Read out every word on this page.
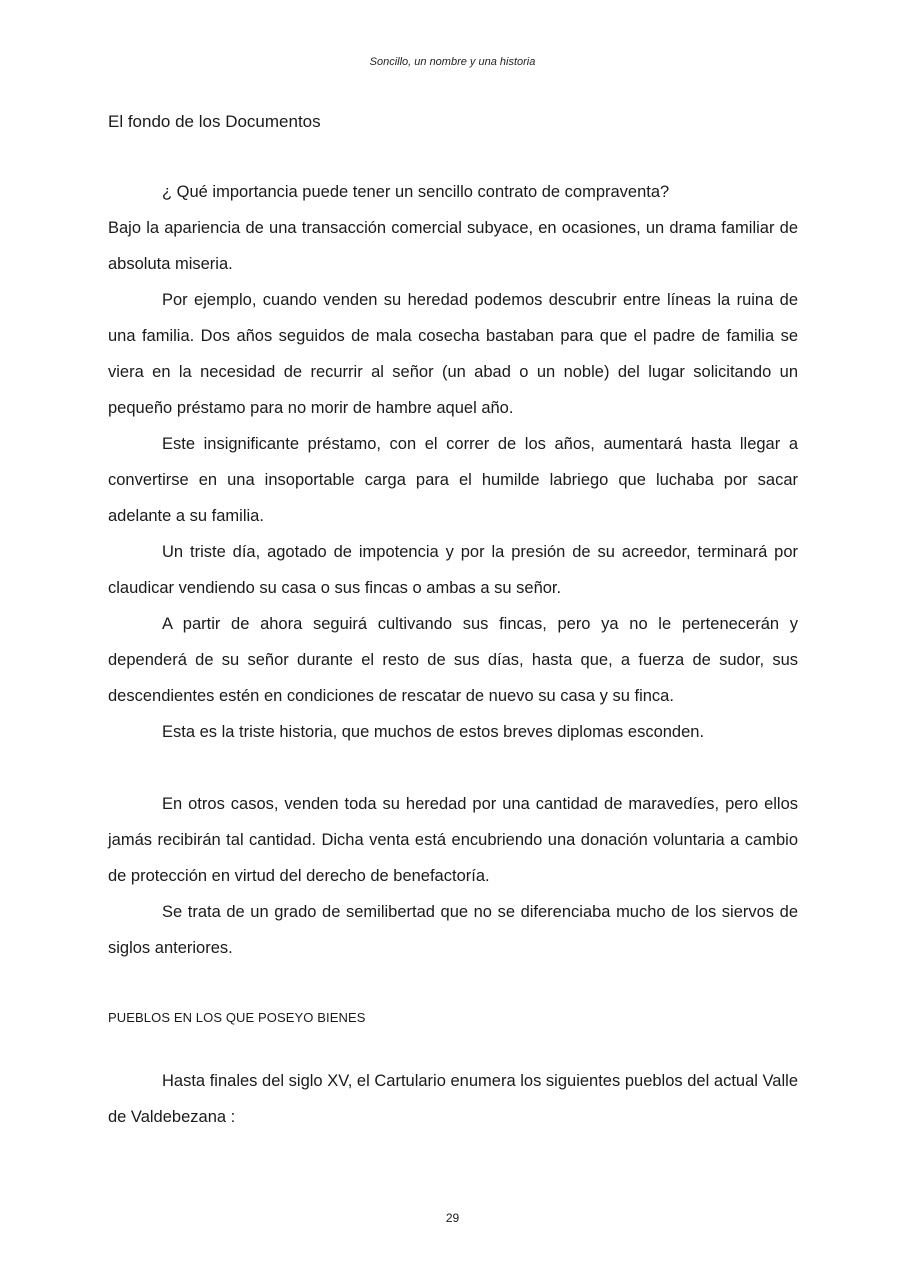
Soncillo, un nombre y una historia
El fondo de los Documentos

¿ Qué importancia puede tener un sencillo contrato de compraventa?

Bajo la apariencia de una transacción comercial subyace, en ocasiones, un drama familiar de absoluta miseria.

Por ejemplo, cuando venden su heredad podemos descubrir entre líneas la ruina de una familia. Dos años seguidos de mala cosecha bastaban para que el padre de familia se viera en la necesidad de recurrir al señor (un abad o un noble) del lugar solicitando un pequeño préstamo para no morir de hambre aquel año.

Este insignificante préstamo, con el correr de los años, aumentará hasta llegar a convertirse en una insoportable carga para el humilde labriego que luchaba por sacar adelante a su familia.

Un triste día, agotado de impotencia y por la presión de su acreedor, terminará por claudicar vendiendo su casa o sus fincas o ambas a su señor.

A partir de ahora seguirá cultivando sus fincas, pero ya no le pertenecerán y dependerá de su señor durante el resto de sus días, hasta que, a fuerza de sudor, sus descendientes estén en condiciones de rescatar de nuevo su casa y su finca.

Esta es la triste historia, que muchos de estos breves diplomas esconden.

En otros casos, venden toda su heredad por una cantidad de maravedíes, pero ellos jamás recibirán tal cantidad. Dicha venta está encubriendo una donación voluntaria a cambio de protección en virtud del derecho de benefactoría.

Se trata de un grado de semilibertad que no se diferenciaba mucho de los siervos de siglos anteriores.

PUEBLOS EN LOS QUE POSEYO BIENES

Hasta finales del siglo XV, el Cartulario enumera los siguientes pueblos del actual Valle de Valdebezana :

29
